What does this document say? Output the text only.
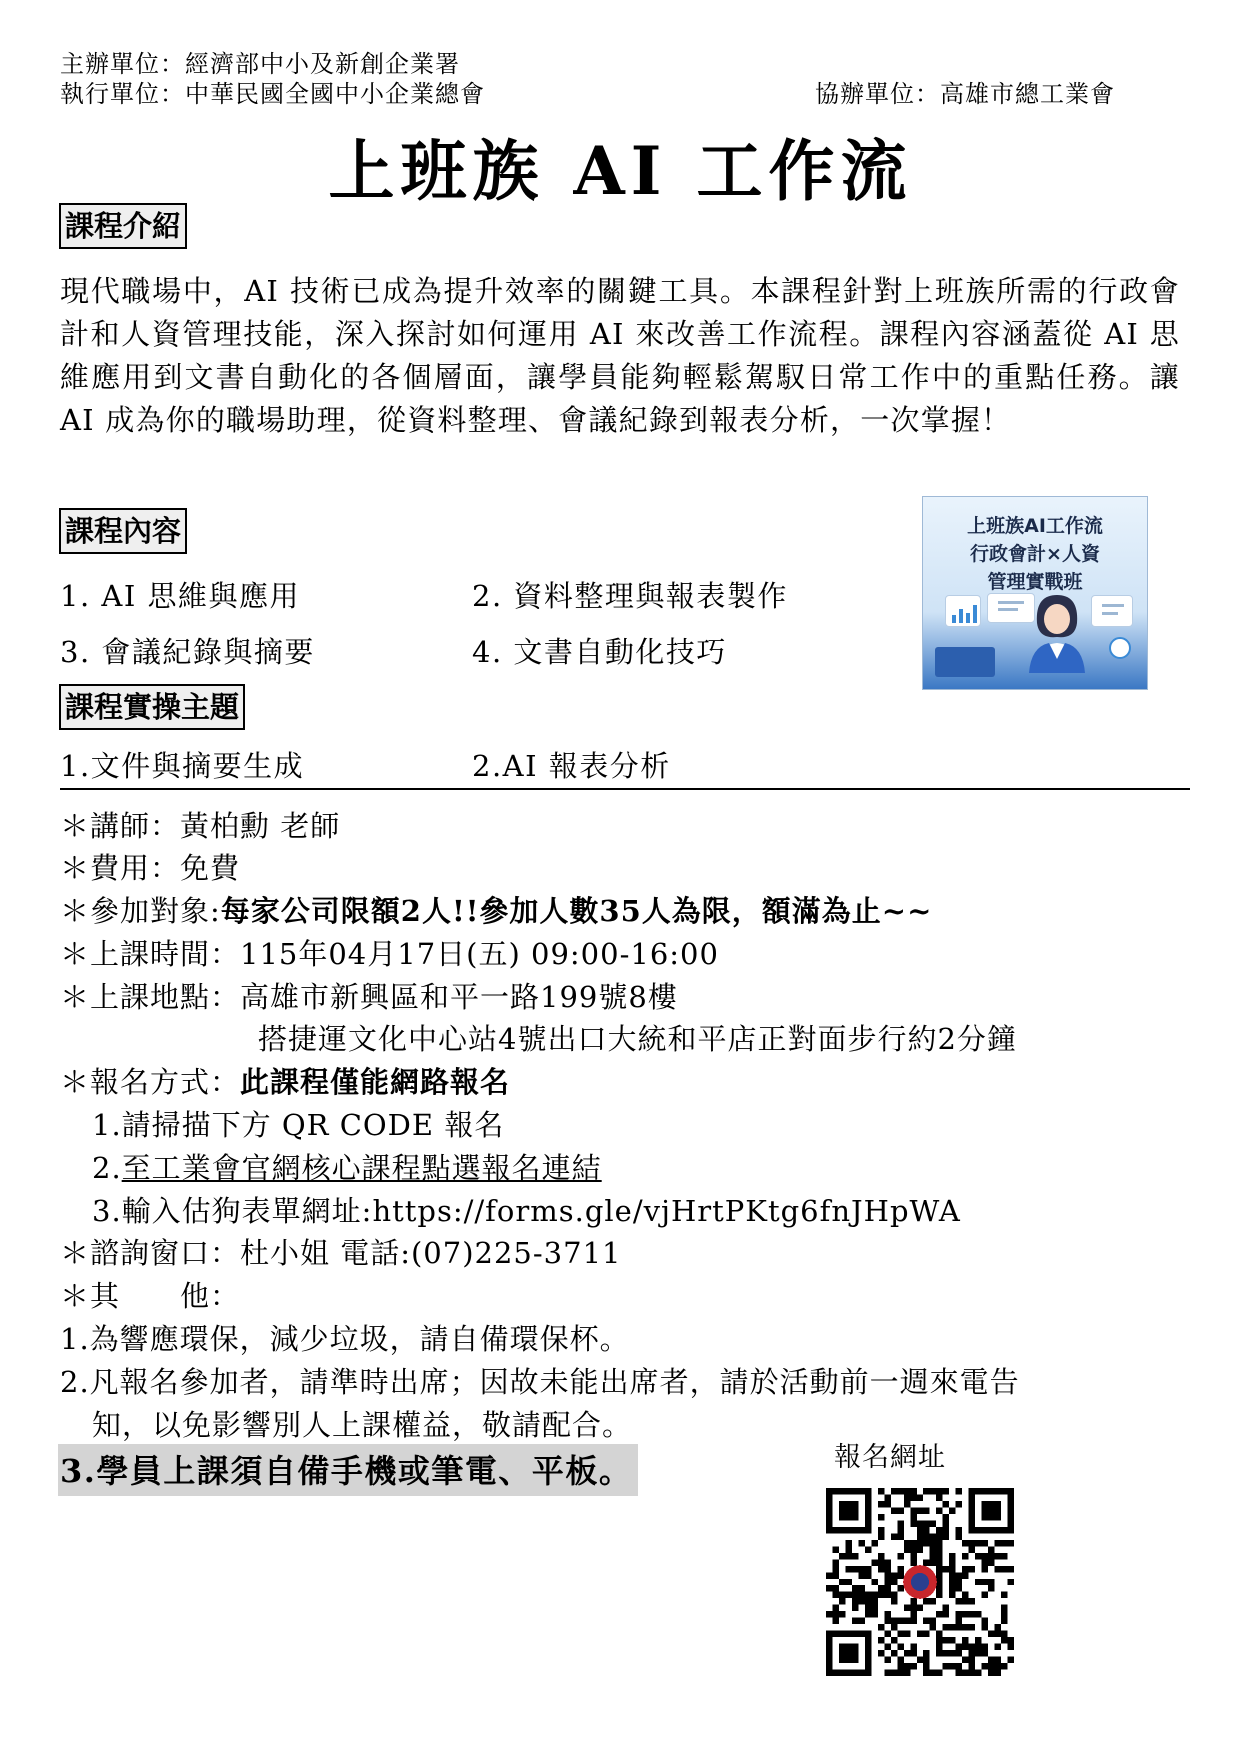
主辦單位：經濟部中小及新創企業署
執行單位：中華民國全國中小企業總會	協辦單位：高雄市總工業會
上班族 AI 工作流
課程介紹
現代職場中，AI 技術已成為提升效率的關鍵工具。本課程針對上班族所需的行政會計和人資管理技能，深入探討如何運用 AI 來改善工作流程。課程內容涵蓋從 AI 思維應用到文書自動化的各個層面，讓學員能夠輕鬆駕馭日常工作中的重點任務。讓 AI 成為你的職場助理，從資料整理、會議紀錄到報表分析，一次掌握！
課程內容
1. AI 思維與應用	2. 資料整理與報表製作
3. 會議紀錄與摘要	4. 文書自動化技巧
上班族AI工作流
行政會計×人資
管理實戰班
課程實操主題
1.文件與摘要生成	2.AI 報表分析
＊講師：黃柏勳 老師
＊費用：免費
＊參加對象:每家公司限額2人!!參加人數35人為限，額滿為止~~
＊上課時間：115年04月17日(五) 09:00-16:00
＊上課地點：高雄市新興區和平一路199號8樓
搭捷運文化中心站4號出口大統和平店正對面步行約2分鐘
＊報名方式：此課程僅能網路報名
1.請掃描下方 QR CODE 報名
2.至工業會官網核心課程點選報名連結
3.輸入估狗表單網址:https://forms.gle/vjHrtPKtg6fnJHpWA
＊諮詢窗口：杜小姐 電話:(07)225-3711
＊其　　他：
1.為響應環保，減少垃圾，請自備環保杯。
2.凡報名參加者，請準時出席；因故未能出席者，請於活動前一週來電告
知，以免影響別人上課權益，敬請配合。
3.學員上課須自備手機或筆電、平板。	報名網址
